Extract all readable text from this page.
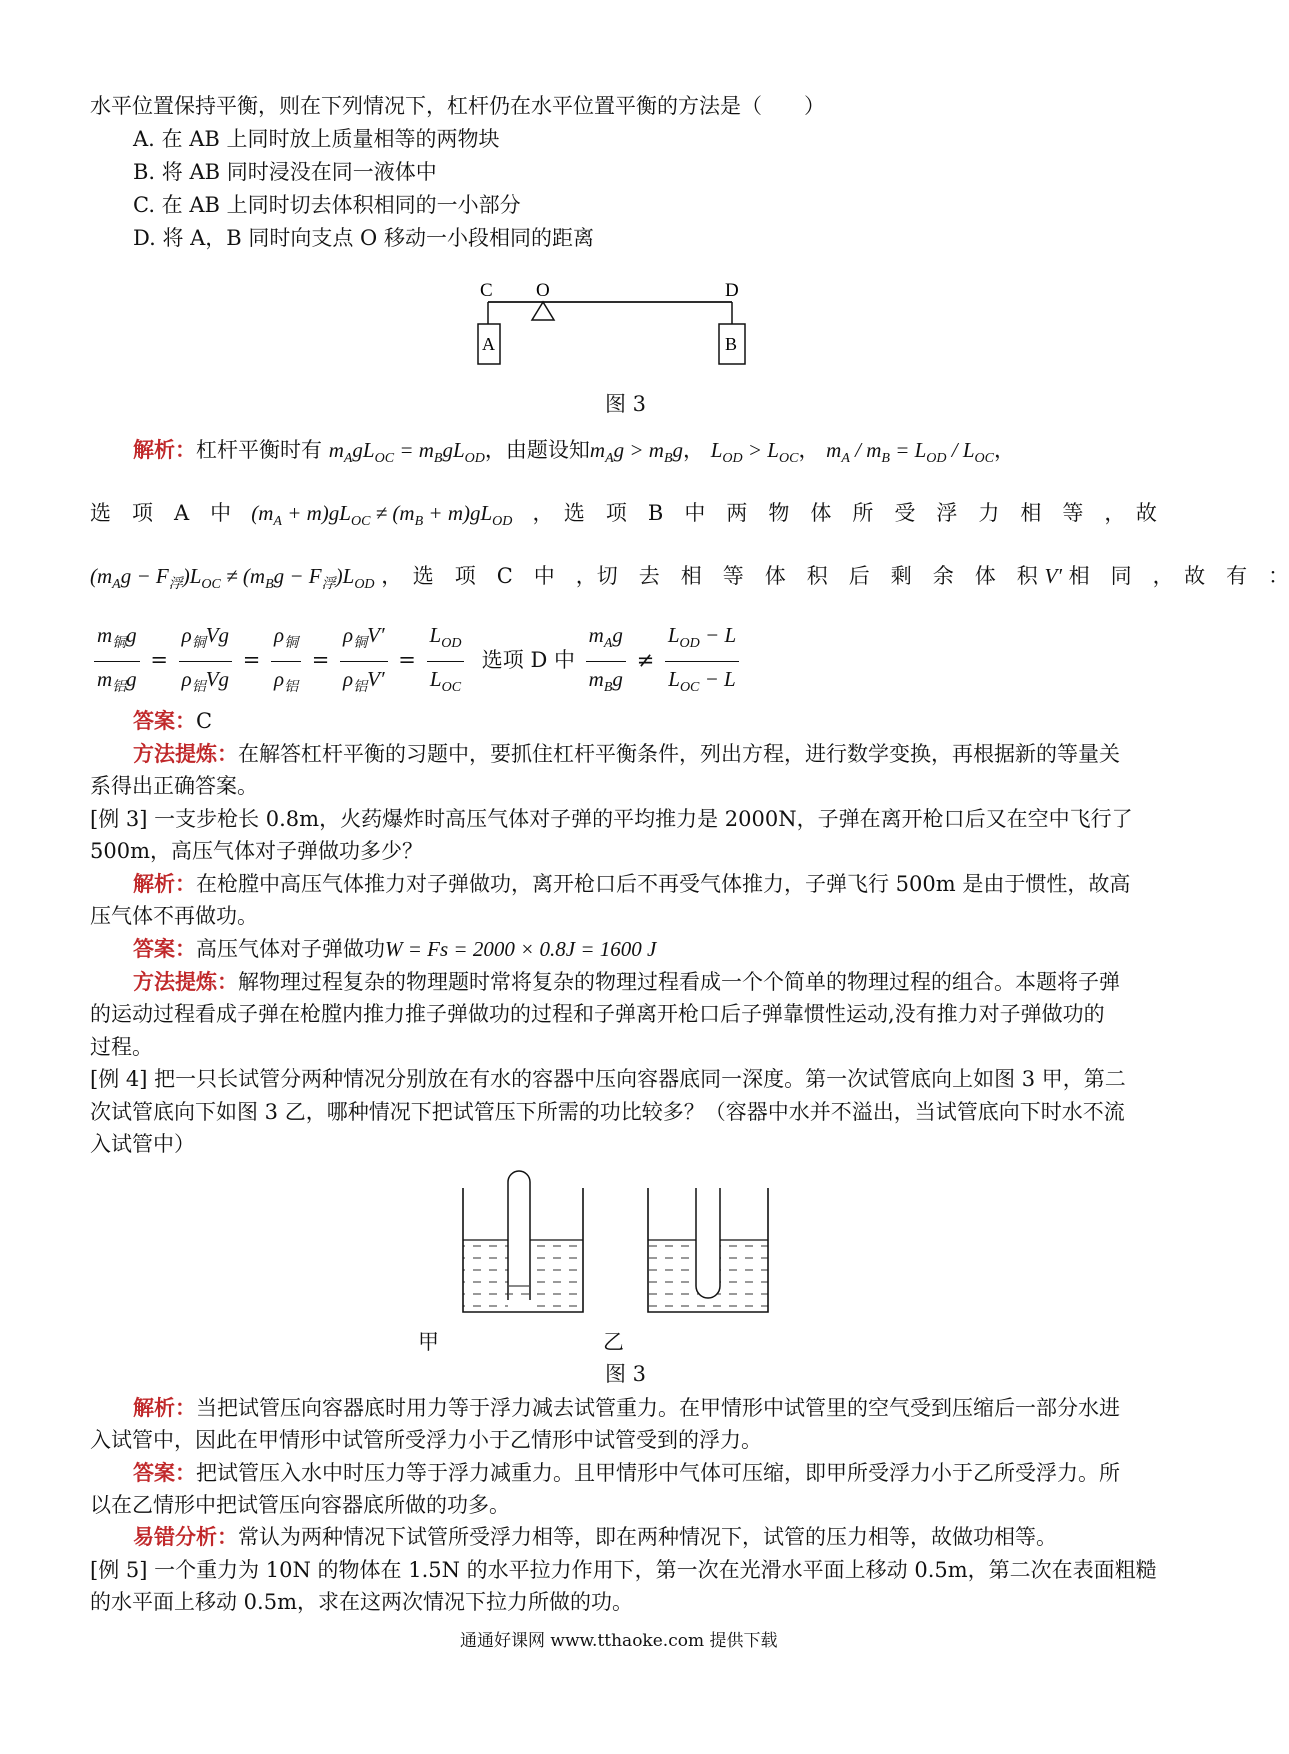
水平位置保持平衡，则在下列情况下，杠杆仍在水平位置平衡的方法是（　　）
A. 在 AB 上同时放上质量相等的两物块
B. 将 AB 同时浸没在同一液体中
C. 在 AB 上同时切去体积相同的一小部分
D. 将 A，B 同时向支点 O 移动一小段相同的距离
C O	D
A	B
图 3
解析：杠杆平衡时有 $m_AgL_{OC} = m_BgL_{OD}$，由题设知$m_Ag > m_Bg$， $L_{OD} > L_{OC}$， $m_A / m_B = L_{OD} / L_{OC}$，
选　项　A　中 $(m_A + m)gL_{OC} \ne (m_B + m)gL_{OD}$ ，　选　项　B　中　两　物　体　所　受　浮　力　相　等　，　故
$(m_Ag - F_浮)L_{OC} \ne (m_Bg - F_浮)L_{OD}$ ，　选　项　C　中　，切　去　相　等　体　积　后　剩　余　体　积 V′ 相　同　，　故　有　：
$\frac{m_铜g}{m_铝g} = \frac{\rho_铜Vg}{\rho_铝Vg} = \frac{\rho_铜}{\rho_铝} = \frac{\rho_铜V'}{\rho_铝V'} = \frac{L_{OD}}{L_{OC}}$ 选项 D 中 $\frac{m_Ag}{m_Bg} \ne \frac{L_{OD} - L}{L_{OC} - L}$
答案：C
方法提炼：在解答杠杆平衡的习题中，要抓住杠杆平衡条件，列出方程，进行数学变换，再根据新的等量关
系得出正确答案。
[例 3] 一支步枪长 0.8m，火药爆炸时高压气体对子弹的平均推力是 2000N，子弹在离开枪口后又在空中飞行了
500m，高压气体对子弹做功多少？
解析：在枪膛中高压气体推力对子弹做功，离开枪口后不再受气体推力，子弹飞行 500m 是由于惯性，故高
压气体不再做功。
答案：高压气体对子弹做功W = Fs = 2000 × 0.8J = 1600 J
方法提炼：解物理过程复杂的物理题时常将复杂的物理过程看成一个个简单的物理过程的组合。本题将子弹
的运动过程看成子弹在枪膛内推力推子弹做功的过程和子弹离开枪口后子弹靠惯性运动,没有推力对子弹做功的
过程。
[例 4] 把一只长试管分两种情况分别放在有水的容器中压向容器底同一深度。第一次试管底向上如图 3 甲，第二
次试管底向下如图 3 乙，哪种情况下把试管压下所需的功比较多？（容器中水并不溢出，当试管底向下时水不流
入试管中）
甲	乙
图 3
解析：当把试管压向容器底时用力等于浮力减去试管重力。在甲情形中试管里的空气受到压缩后一部分水进
入试管中，因此在甲情形中试管所受浮力小于乙情形中试管受到的浮力。
答案：把试管压入水中时压力等于浮力减重力。且甲情形中气体可压缩，即甲所受浮力小于乙所受浮力。所
以在乙情形中把试管压向容器底所做的功多。
易错分析：常认为两种情况下试管所受浮力相等，即在两种情况下，试管的压力相等，故做功相等。
[例 5] 一个重力为 10N 的物体在 1.5N 的水平拉力作用下，第一次在光滑水平面上移动 0.5m，第二次在表面粗糙
的水平面上移动 0.5m，求在这两次情况下拉力所做的功。
通通好课网 www.tthaoke.com 提供下载
